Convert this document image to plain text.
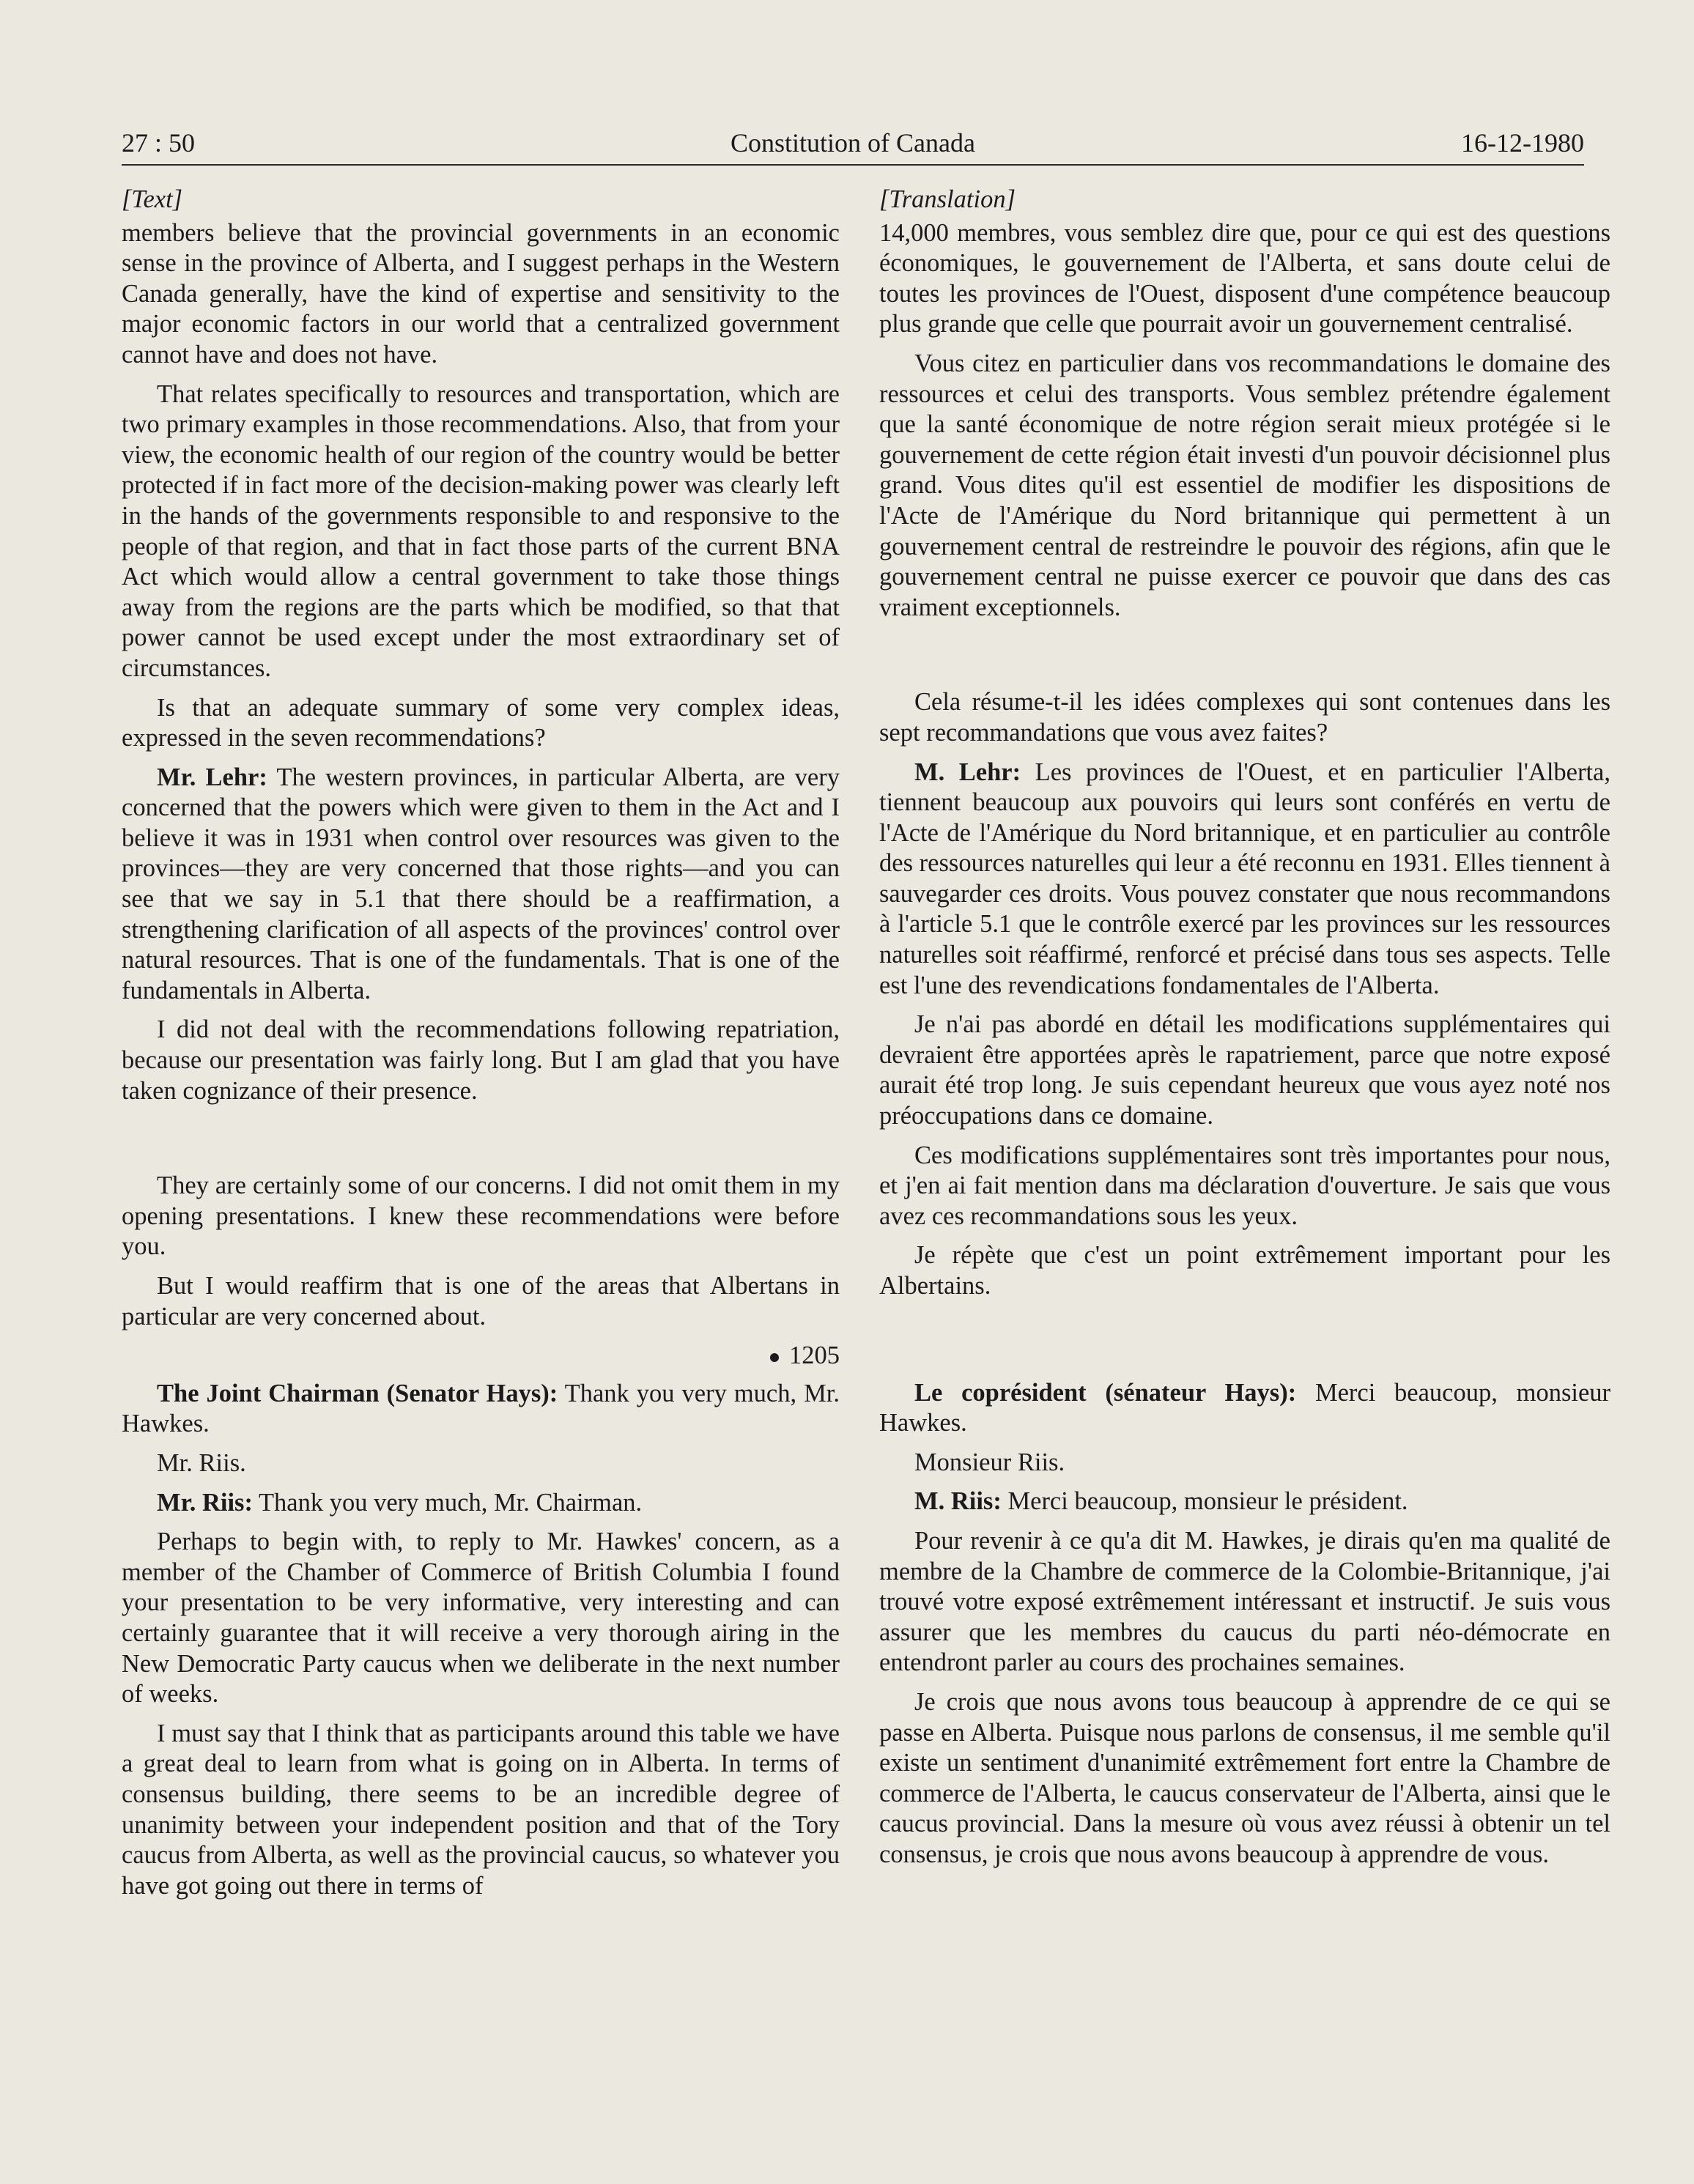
27 : 50	Constitution of Canada	16-12-1980
[Text]

members believe that the provincial governments in an economic sense in the province of Alberta, and I suggest perhaps in the Western Canada generally, have the kind of expertise and sensitivity to the major economic factors in our world that a centralized government cannot have and does not have.

That relates specifically to resources and transportation, which are two primary examples in those recommendations. Also, that from your view, the economic health of our region of the country would be better protected if in fact more of the decision-making power was clearly left in the hands of the governments responsible to and responsive to the people of that region, and that in fact those parts of the current BNA Act which would allow a central government to take those things away from the regions are the parts which be modified, so that that power cannot be used except under the most extraordinary set of circumstances.

Is that an adequate summary of some very complex ideas, expressed in the seven recommendations?

Mr. Lehr: The western provinces, in particular Alberta, are very concerned that the powers which were given to them in the Act and I believe it was in 1931 when control over resources was given to the provinces—they are very concerned that those rights—and you can see that we say in 5.1 that there should be a reaffirmation, a strengthening clarification of all aspects of the provinces' control over natural resources. That is one of the fundamentals. That is one of the fundamentals in Alberta.

I did not deal with the recommendations following repatriation, because our presentation was fairly long. But I am glad that you have taken cognizance of their presence.

They are certainly some of our concerns. I did not omit them in my opening presentations. I knew these recommendations were before you.

But I would reaffirm that is one of the areas that Albertans in particular are very concerned about.

1205

The Joint Chairman (Senator Hays): Thank you very much, Mr. Hawkes.

Mr. Riis.

Mr. Riis: Thank you very much, Mr. Chairman.

Perhaps to begin with, to reply to Mr. Hawkes' concern, as a member of the Chamber of Commerce of British Columbia I found your presentation to be very informative, very interesting and can certainly guarantee that it will receive a very thorough airing in the New Democratic Party caucus when we deliberate in the next number of weeks.

I must say that I think that as participants around this table we have a great deal to learn from what is going on in Alberta. In terms of consensus building, there seems to be an incredible degree of unanimity between your independent position and that of the Tory caucus from Alberta, as well as the provincial caucus, so whatever you have got going out there in terms of

[Translation]

14,000 membres, vous semblez dire que, pour ce qui est des questions économiques, le gouvernement de l'Alberta, et sans doute celui de toutes les provinces de l'Ouest, disposent d'une compétence beaucoup plus grande que celle que pourrait avoir un gouvernement centralisé.

Vous citez en particulier dans vos recommandations le domaine des ressources et celui des transports. Vous semblez prétendre également que la santé économique de notre région serait mieux protégée si le gouvernement de cette région était investi d'un pouvoir décisionnel plus grand. Vous dites qu'il est essentiel de modifier les dispositions de l'Acte de l'Amérique du Nord britannique qui permettent à un gouvernement central de restreindre le pouvoir des régions, afin que le gouvernement central ne puisse exercer ce pouvoir que dans des cas vraiment exceptionnels.

Cela résume-t-il les idées complexes qui sont contenues dans les sept recommandations que vous avez faites?

M. Lehr: Les provinces de l'Ouest, et en particulier l'Alberta, tiennent beaucoup aux pouvoirs qui leurs sont conférés en vertu de l'Acte de l'Amérique du Nord britannique, et en particulier au contrôle des ressources naturelles qui leur a été reconnu en 1931. Elles tiennent à sauvegarder ces droits. Vous pouvez constater que nous recommandons à l'article 5.1 que le contrôle exercé par les provinces sur les ressources naturelles soit réaffirmé, renforcé et précisé dans tous ses aspects. Telle est l'une des revendications fondamentales de l'Alberta.

Je n'ai pas abordé en détail les modifications supplémentaires qui devraient être apportées après le rapatriement, parce que notre exposé aurait été trop long. Je suis cependant heureux que vous ayez noté nos préoccupations dans ce domaine.

Ces modifications supplémentaires sont très importantes pour nous, et j'en ai fait mention dans ma déclaration d'ouverture. Je sais que vous avez ces recommandations sous les yeux.

Je répète que c'est un point extrêmement important pour les Albertains.

Le coprésident (sénateur Hays): Merci beaucoup, monsieur Hawkes.

Monsieur Riis.

M. Riis: Merci beaucoup, monsieur le président.

Pour revenir à ce qu'a dit M. Hawkes, je dirais qu'en ma qualité de membre de la Chambre de commerce de la Colombie-Britannique, j'ai trouvé votre exposé extrêmement intéressant et instructif. Je suis vous assurer que les membres du caucus du parti néo-démocrate en entendront parler au cours des prochaines semaines.

Je crois que nous avons tous beaucoup à apprendre de ce qui se passe en Alberta. Puisque nous parlons de consensus, il me semble qu'il existe un sentiment d'unanimité extrêmement fort entre la Chambre de commerce de l'Alberta, le caucus conservateur de l'Alberta, ainsi que le caucus provincial. Dans la mesure où vous avez réussi à obtenir un tel consensus, je crois que nous avons beaucoup à apprendre de vous.
